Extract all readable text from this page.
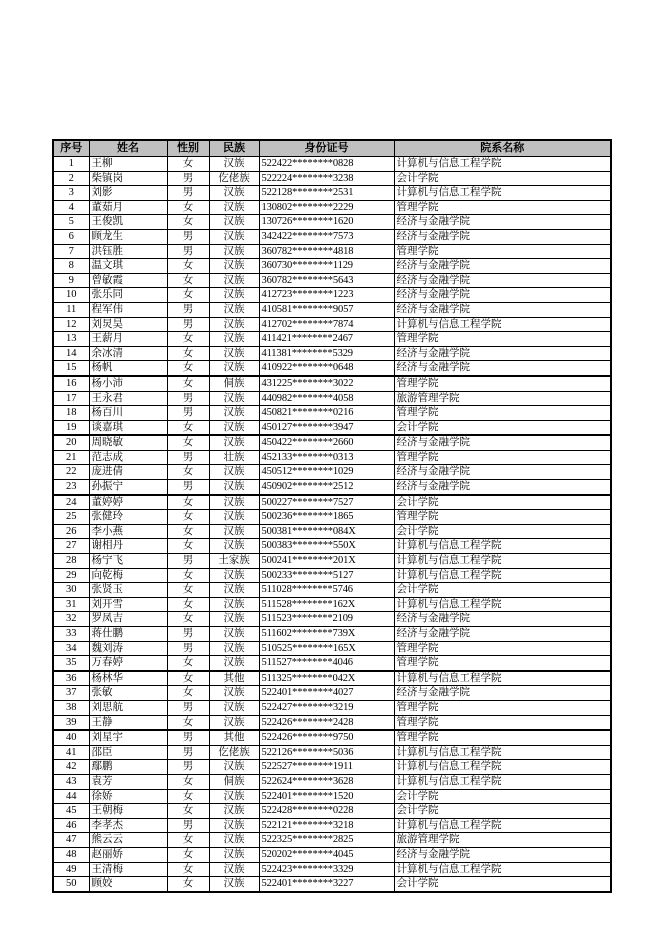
序号	姓名	性别	民族	身份证号	院系名称
1	王柳	女	汉族	522422********0828	计算机与信息工程学院
2	柴镇岗	男	仡佬族	522224********3238	会计学院
3	刘影	男	汉族	522128********2531	计算机与信息工程学院
4	董茹月	女	汉族	130802********2229	管理学院
5	王俊凯	女	汉族	130726********1620	经济与金融学院
6	顾龙生	男	汉族	342422********7573	经济与金融学院
7	洪钰胜	男	汉族	360782********4818	管理学院
8	温文琪	女	汉族	360730********1129	经济与金融学院
9	曾敏霞	女	汉族	360782********5643	经济与金融学院
10	张乐同	女	汉族	412723********1223	经济与金融学院
11	程军伟	男	汉族	410581********9057	经济与金融学院
12	刘炅昊	男	汉族	412702********7874	计算机与信息工程学院
13	王薪月	女	汉族	411421********2467	管理学院
14	余冰清	女	汉族	411381********5329	经济与金融学院
15	杨帆	女	汉族	410922********0648	经济与金融学院
16	杨小沛	女	侗族	431225********3022	管理学院
17	王永君	男	汉族	440982********4058	旅游管理学院
18	杨百川	男	汉族	450821********0216	管理学院
19	谈嘉琪	女	汉族	450127********3947	会计学院
20	周晓敏	女	汉族	450422********2660	经济与金融学院
21	范志成	男	壮族	452133********0313	管理学院
22	庞进倩	女	汉族	450512********1029	经济与金融学院
23	孙振宁	男	汉族	450902********2512	经济与金融学院
24	董婷婷	女	汉族	500227********7527	会计学院
25	张健玲	女	汉族	500236********1865	管理学院
26	李小燕	女	汉族	500381********084X	会计学院
27	谢相丹	女	汉族	500383********550X	计算机与信息工程学院
28	杨宁飞	男	土家族	500241********201X	计算机与信息工程学院
29	向乾梅	女	汉族	500233********5127	计算机与信息工程学院
30	张贤玉	女	汉族	511028********5746	会计学院
31	刘开雪	女	汉族	511528********162X	计算机与信息工程学院
32	罗凤吉	女	汉族	511523********2109	经济与金融学院
33	蒋仕鹏	男	汉族	511602********739X	经济与金融学院
34	魏刘涛	男	汉族	510525********165X	管理学院
35	万春婷	女	汉族	511527********4046	管理学院
36	杨林华	女	其他	511325********042X	计算机与信息工程学院
37	张敏	女	汉族	522401********4027	经济与金融学院
38	刘思航	男	汉族	522427********3219	管理学院
39	王静	女	汉族	522426********2428	管理学院
40	刘星宇	男	其他	522426********9750	管理学院
41	邵臣	男	仡佬族	522126********5036	计算机与信息工程学院
42	鄢鹏	男	汉族	522527********1911	计算机与信息工程学院
43	袁芳	女	侗族	522624********3628	计算机与信息工程学院
44	徐娇	女	汉族	522401********1520	会计学院
45	王朝梅	女	汉族	522428********0228	会计学院
46	李孝杰	男	汉族	522121********3218	计算机与信息工程学院
47	熊云云	女	汉族	522325********2825	旅游管理学院
48	赵丽娇	女	汉族	520202********4045	经济与金融学院
49	王清梅	女	汉族	522423********3329	计算机与信息工程学院
50	顾姣	女	汉族	522401********3227	会计学院
